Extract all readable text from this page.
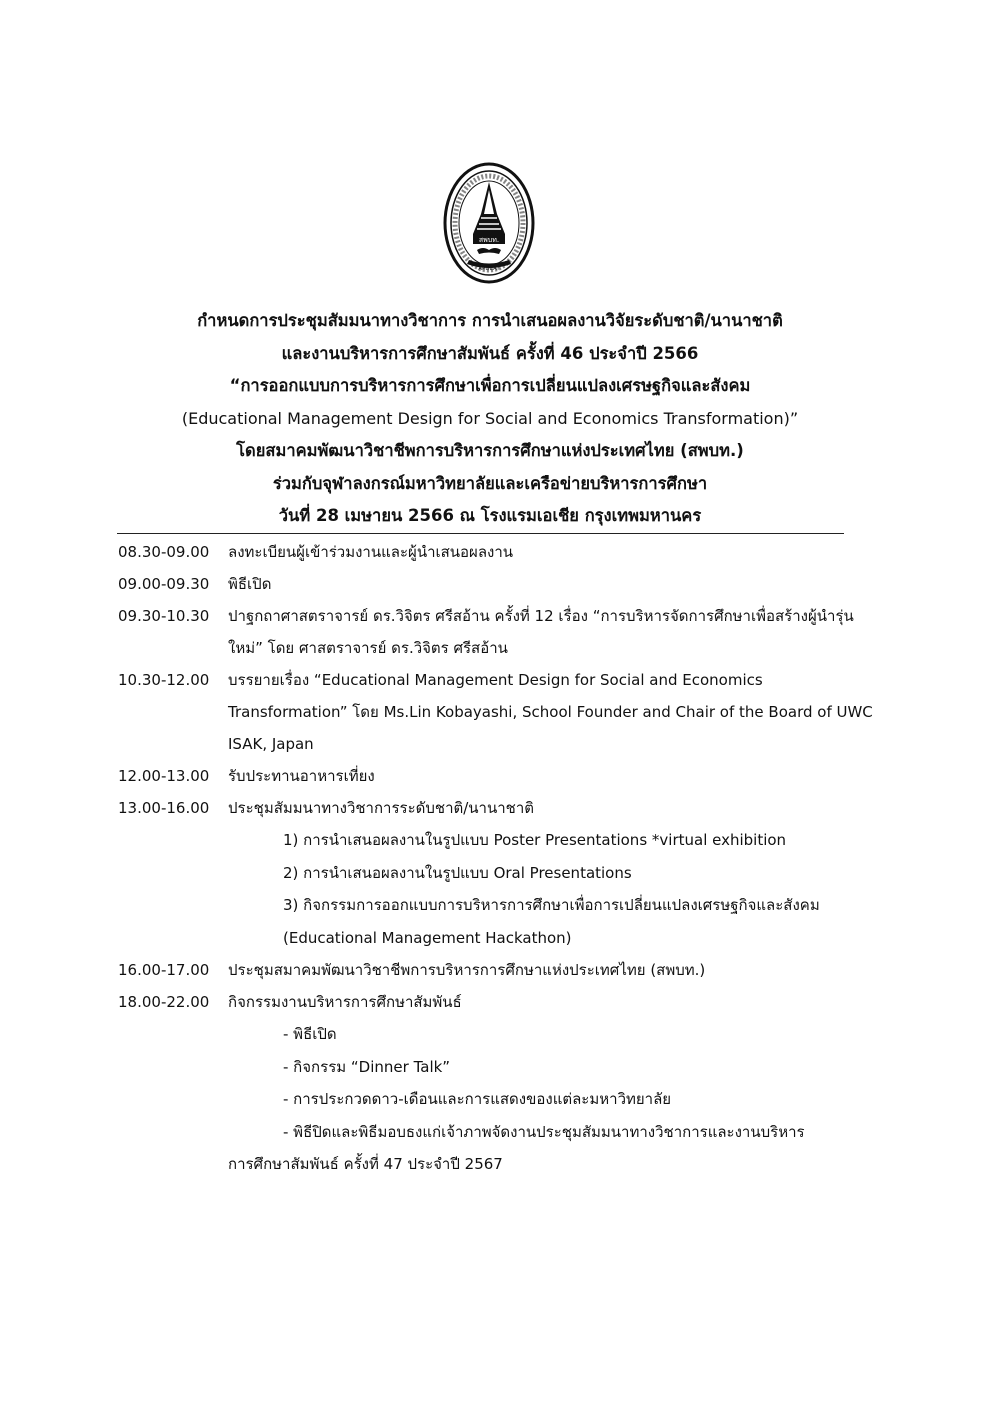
สพบท.
APDEAT
กำหนดการประชุมสัมมนาทางวิชาการ การนำเสนอผลงานวิจัยระดับชาติ/นานาชาติ
และงานบริหารการศึกษาสัมพันธ์ ครั้งที่ 46 ประจำปี 2566
“การออกแบบการบริหารการศึกษาเพื่อการเปลี่ยนแปลงเศรษฐกิจและสังคม
(Educational Management Design for Social and Economics Transformation)”
โดยสมาคมพัฒนาวิชาชีพการบริหารการศึกษาแห่งประเทศไทย (สพบท.)
ร่วมกับจุฬาลงกรณ์มหาวิทยาลัยและเครือข่ายบริหารการศึกษา
วันที่ 28 เมษายน 2566 ณ โรงแรมเอเชีย กรุงเทพมหานคร
08.30-09.00	ลงทะเบียนผู้เข้าร่วมงานและผู้นำเสนอผลงาน
09.00-09.30	พิธีเปิด
09.30-10.30	ปาฐกถาศาสตราจารย์ ดร.วิจิตร ศรีสอ้าน ครั้งที่ 12 เรื่อง “การบริหารจัดการศึกษาเพื่อสร้างผู้นำรุ่นใหม่” โดย ศาสตราจารย์ ดร.วิจิตร ศรีสอ้าน
10.30-12.00	บรรยายเรื่อง “Educational Management Design for Social and Economics Transformation” โดย Ms.Lin Kobayashi, School Founder and Chair of the Board of UWC ISAK, Japan
12.00-13.00	รับประทานอาหารเที่ยง
13.00-16.00	ประชุมสัมมนาทางวิชาการระดับชาติ/นานาชาติ
1) การนำเสนอผลงานในรูปแบบ Poster Presentations *virtual exhibition
2) การนำเสนอผลงานในรูปแบบ Oral Presentations
3) กิจกรรมการออกแบบการบริหารการศึกษาเพื่อการเปลี่ยนแปลงเศรษฐกิจและสังคม
(Educational Management Hackathon)
16.00-17.00	ประชุมสมาคมพัฒนาวิชาชีพการบริหารการศึกษาแห่งประเทศไทย (สพบท.)
18.00-22.00	กิจกรรมงานบริหารการศึกษาสัมพันธ์
- พิธีเปิด
- กิจกรรม “Dinner Talk”
- การประกวดดาว-เดือนและการแสดงของแต่ละมหาวิทยาลัย
- พิธีปิดและพิธีมอบธงแก่เจ้าภาพจัดงานประชุมสัมมนาทางวิชาการและงานบริหาร
การศึกษาสัมพันธ์ ครั้งที่ 47 ประจำปี 2567
